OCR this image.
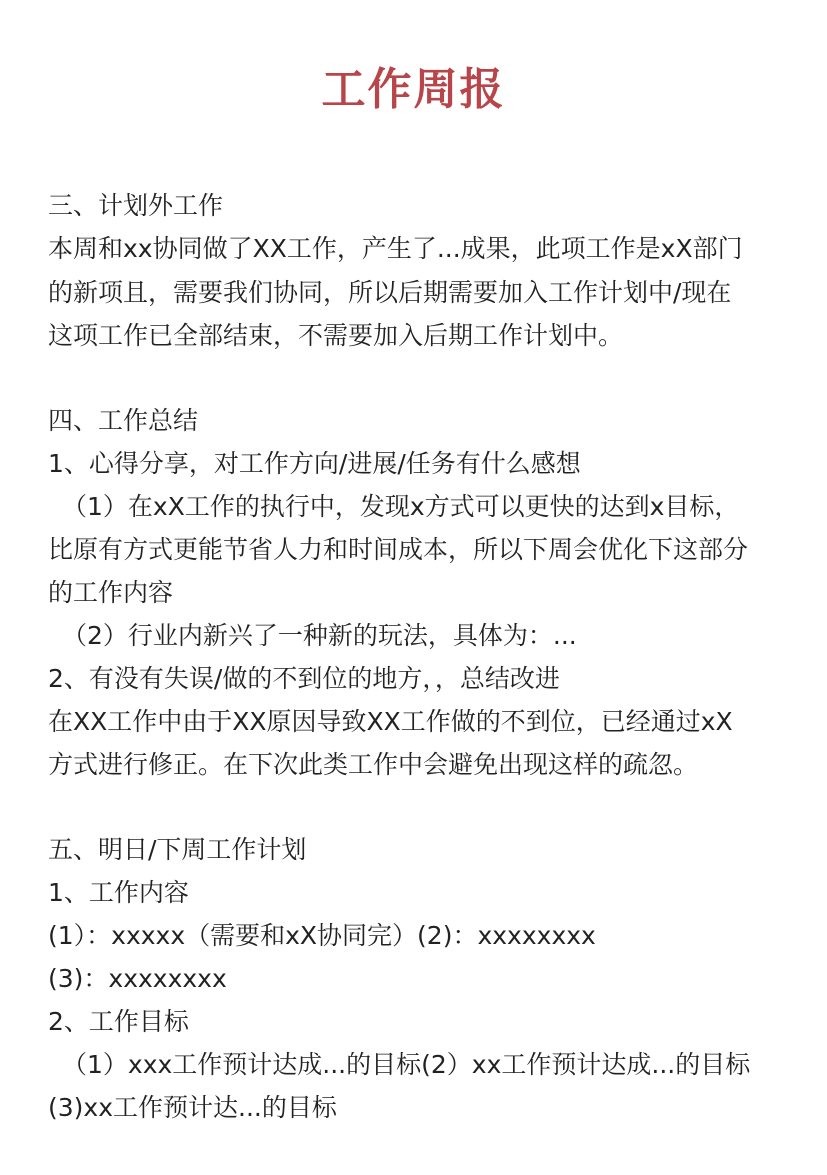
工作周报
三、计划外工作
本周和xx协同做了XX工作，产生了...成果，此项工作是xX部门
的新项且，需要我们协同，所以后期需要加入工作计划中/现在
这项工作已全部结束，不需要加入后期工作计划中。
四、工作总结
1、心得分享，对工作方向/进展/任务有什么感想
（1）在xX工作的执行中，发现x方式可以更快的达到x目标，
比原有方式更能节省人力和时间成本，所以下周会优化下这部分
的工作内容
（2）行业内新兴了一种新的玩法，具体为：...
2、有没有失误/做的不到位的地方，，总结改进
在XX工作中由于XX原因导致XX工作做的不到位，已经通过xX
方式进行修正。在下次此类工作中会避免出现这样的疏忽。
五、明日/下周工作计划
1、工作内容
(1）：xxxxx（需要和xX协同完）(2)：xxxxxxxx
(3)：xxxxxxxx
2、工作目标
（1）xxx工作预计达成...的目标(2）xx工作预计达成...的目标
(3)xx工作预计达...的目标
